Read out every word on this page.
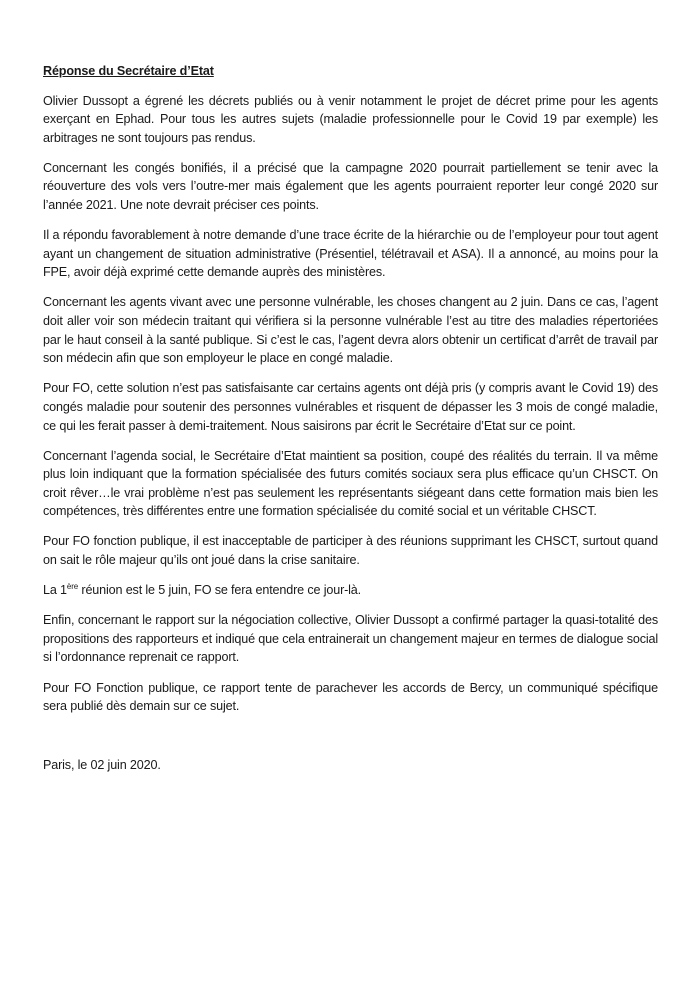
Réponse du Secrétaire d’Etat

Olivier Dussopt a égrené les décrets publiés ou à venir notamment le projet de décret prime pour les agents exerçant en Ephad. Pour tous les autres sujets (maladie professionnelle pour le Covid 19 par exemple) les arbitrages ne sont toujours pas rendus.

Concernant les congés bonifiés, il a précisé que la campagne 2020 pourrait partiellement se tenir avec la réouverture des vols vers l’outre-mer mais également que les agents pourraient reporter leur congé 2020 sur l’année 2021. Une note devrait préciser ces points.

Il a répondu favorablement à notre demande d’une trace écrite de la hiérarchie ou de l’employeur pour tout agent ayant un changement de situation administrative (Présentiel, télétravail et ASA). Il a annoncé, au moins pour la FPE, avoir déjà exprimé cette demande auprès des ministères.

Concernant les agents vivant avec une personne vulnérable, les choses changent au 2 juin. Dans ce cas, l’agent doit aller voir son médecin traitant qui vérifiera si la personne vulnérable l’est au titre des maladies répertoriées par le haut conseil à la santé publique. Si c’est le cas, l’agent devra alors obtenir un certificat d’arrêt de travail par son médecin afin que son employeur le place en congé maladie.

Pour FO, cette solution n’est pas satisfaisante car certains agents ont déjà pris (y compris avant le Covid 19) des congés maladie pour soutenir des personnes vulnérables et risquent de dépasser les 3 mois de congé maladie, ce qui les ferait passer à demi-traitement. Nous saisirons par écrit le Secrétaire d’Etat sur ce point.

Concernant l’agenda social, le Secrétaire d’Etat maintient sa position, coupé des réalités du terrain. Il va même plus loin indiquant que la formation spécialisée des futurs comités sociaux sera plus efficace qu’un CHSCT. On croit rêver…le vrai problème n’est pas seulement les représentants siégeant dans cette formation mais bien les compétences, très différentes entre une formation spécialisée du comité social et un véritable CHSCT.

Pour FO fonction publique, il est inacceptable de participer à des réunions supprimant les CHSCT, surtout quand on sait le rôle majeur qu’ils ont joué dans la crise sanitaire.

La 1ère réunion est le 5 juin, FO se fera entendre ce jour-là.

Enfin, concernant le rapport sur la négociation collective, Olivier Dussopt a confirmé partager la quasi-totalité des propositions des rapporteurs et indiqué que cela entrainerait un changement majeur en termes de dialogue social si l’ordonnance reprenait ce rapport.

Pour FO Fonction publique, ce rapport tente de parachever les accords de Bercy, un communiqué spécifique sera publié dès demain sur ce sujet.

Paris, le 02 juin 2020.
